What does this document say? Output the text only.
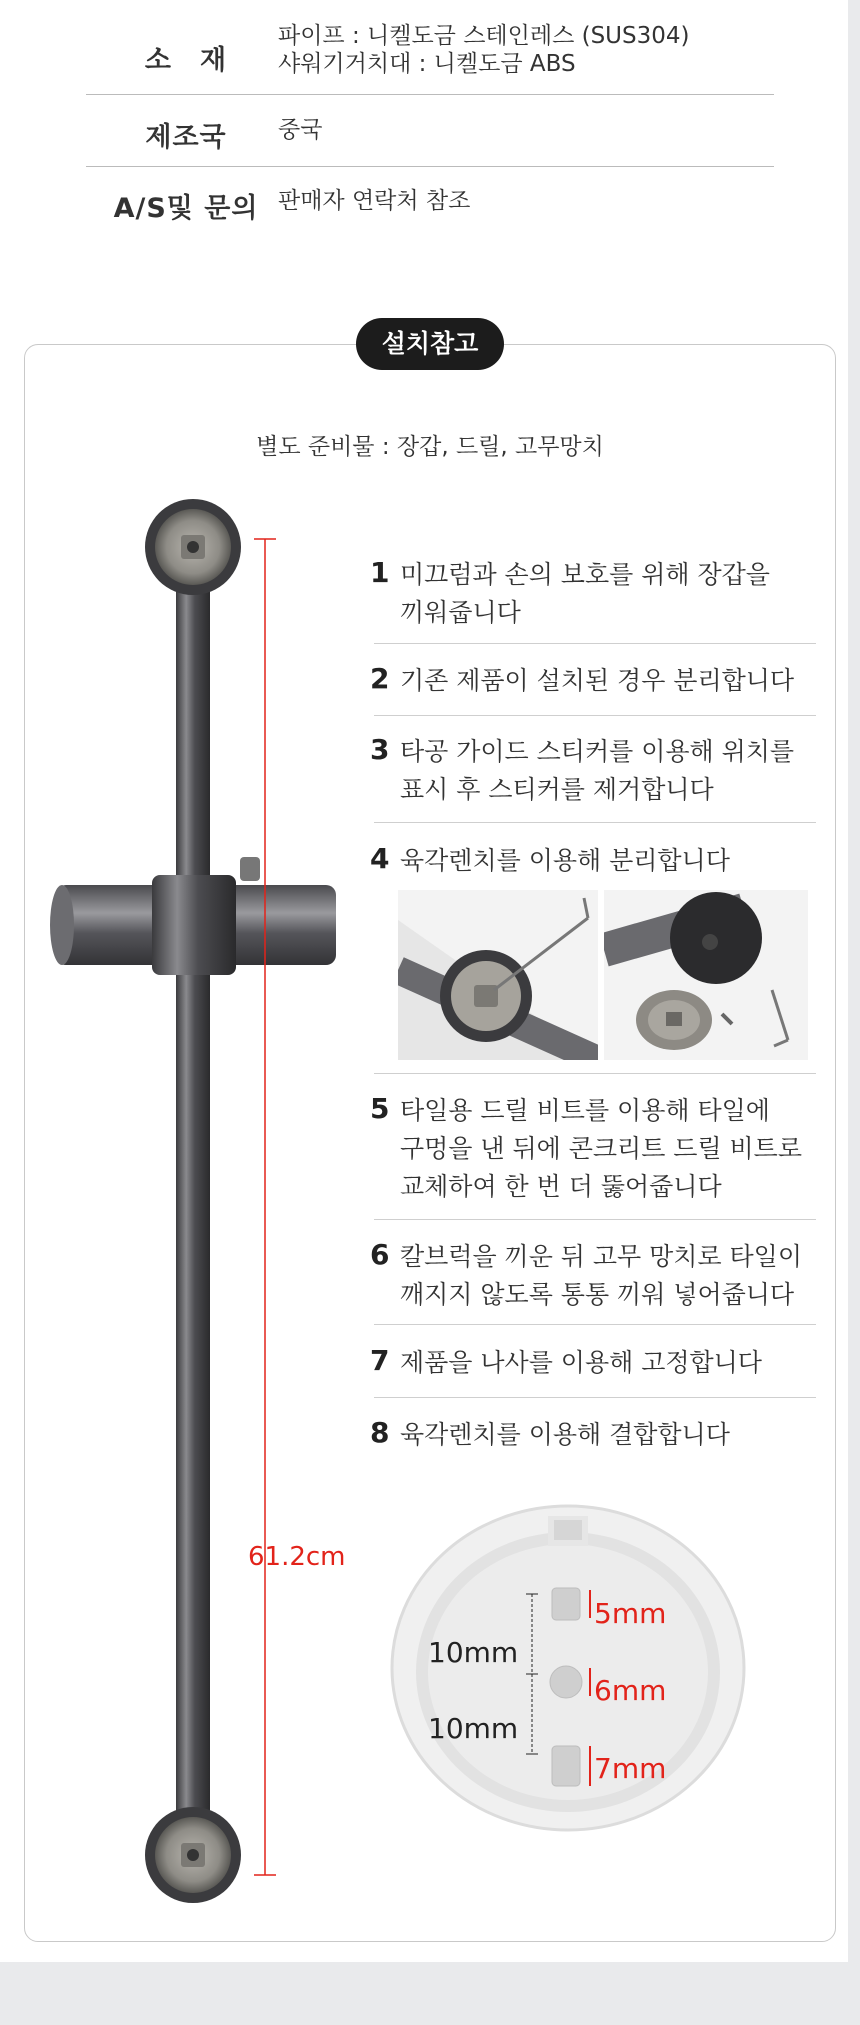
소　재
파이프 : 니켈도금 스테인레스 (SUS304)
샤워기거치대 : 니켈도금 ABS
제조국	중국
A/S및 문의 판매자 연락처 참조
설치참고
별도 준비물 : 장갑, 드릴, 고무망치
61.2cm
1 미끄럼과 손의 보호를 위해 장갑을
끼워줍니다
2 기존 제품이 설치된 경우 분리합니다
3 타공 가이드 스티커를 이용해 위치를
표시 후 스티커를 제거합니다
4 육각렌치를 이용해 분리합니다
5 타일용 드릴 비트를 이용해 타일에
구멍을 낸 뒤에 콘크리트 드릴 비트로
교체하여 한 번 더 뚫어줍니다
6 칼브럭을 끼운 뒤 고무 망치로 타일이
깨지지 않도록 통통 끼워 넣어줍니다
7 제품을 나사를 이용해 고정합니다
8 육각렌치를 이용해 결합합니다
10mm
10mm
5mm
6mm
7mm
